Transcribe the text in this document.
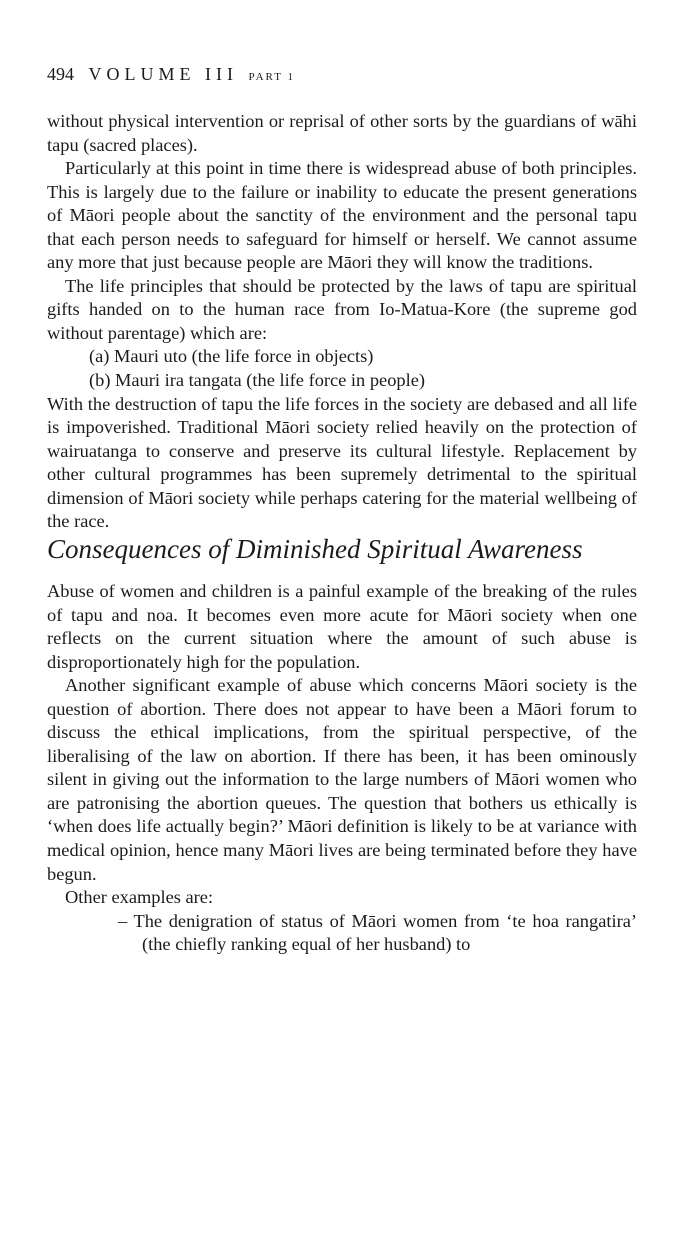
494 VOLUME III PART 1

without physical intervention or reprisal of other sorts by the guardians of wāhi tapu (sacred places).

Particularly at this point in time there is widespread abuse of both principles. This is largely due to the failure or inability to educate the present generations of Māori people about the sanctity of the environment and the personal tapu that each person needs to safeguard for himself or herself. We cannot assume any more that just because people are Māori they will know the traditions.

The life principles that should be protected by the laws of tapu are spiritual gifts handed on to the human race from Io-Matua-Kore (the supreme god without parentage) which are:

(a) Mauri uto (the life force in objects)

(b) Mauri ira tangata (the life force in people)

With the destruction of tapu the life forces in the society are debased and all life is impoverished. Traditional Māori society relied heavily on the protection of wairuatanga to conserve and preserve its cultural lifestyle. Replacement by other cultural programmes has been supremely detrimental to the spiritual dimension of Māori society while perhaps catering for the material wellbeing of the race.

Consequences of Diminished Spiritual Awareness

Abuse of women and children is a painful example of the breaking of the rules of tapu and noa. It becomes even more acute for Māori society when one reflects on the current situation where the amount of such abuse is disproportionately high for the population.

Another significant example of abuse which concerns Māori society is the question of abortion. There does not appear to have been a Māori forum to discuss the ethical implications, from the spiritual perspective, of the liberalising of the law on abortion. If there has been, it has been ominously silent in giving out the information to the large numbers of Māori women who are patronising the abortion queues. The question that bothers us ethically is ‘when does life actually begin?’ Māori definition is likely to be at variance with medical opinion, hence many Māori lives are being terminated before they have begun.

Other examples are:

– The denigration of status of Māori women from ‘te hoa rangatira’ (the chiefly ranking equal of her husband) to
